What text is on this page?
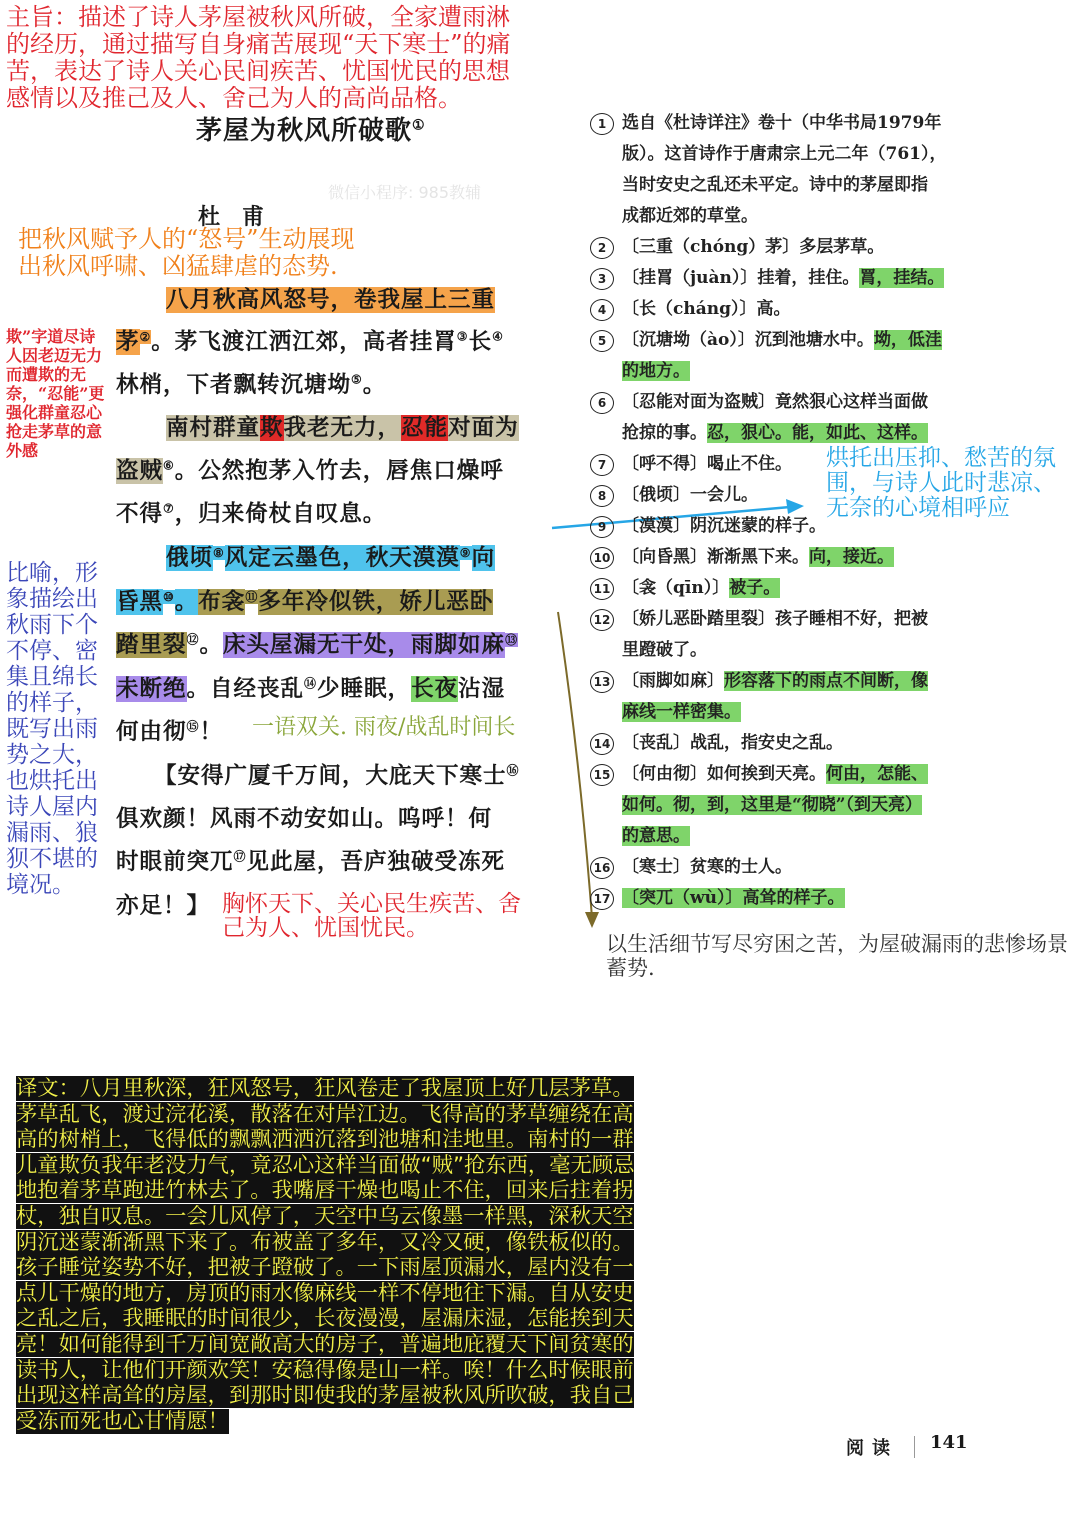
主旨：描述了诗人茅屋被秋风所破，全家遭雨淋的经历，通过描写自身痛苦展现“天下寒士”的痛苦，表达了诗人关心民间疾苦、忧国忧民的思想感情以及推己及人、舍己为人的高尚品格。
茅屋为秋风所破歌①
微信小程序: 985教辅
杜甫
把秋风赋予人的“怒号”生动展现出秋风呼啸、凶猛肆虐的态势.
欺”字道尽诗人因老迈无力而遭欺的无奈，“忍能”更强化群童忍心抢走茅草的意外感
比喻，形象描绘出秋雨下个不停、密集且绵长的样子，既写出雨势之大，也烘托出诗人屋内漏雨、狼狈不堪的境况。
八月秋高风怒号，卷我屋上三重
茅②。茅飞渡江洒江郊，高者挂罥③长④
林梢，下者飘转沉塘坳⑤。
南村群童欺我老无力，忍能对面为
盗贼⑥。公然抱茅入竹去，唇焦口燥呼
不得⑦，归来倚杖自叹息。
俄顷⑧风定云墨色，秋天漠漠⑨向
昏黑⑩。布衾⑪多年冷似铁，娇儿恶卧
踏里裂⑫。床头屋漏无干处，雨脚如麻⑬
未断绝。自经丧乱⑭少睡眠，长夜沾湿
何由彻⑮！
【安得广厦千万间，大庇天下寒士⑯
俱欢颜！风雨不动安如山。呜呼！何
时眼前突兀⑰见此屋，吾庐独破受冻死
亦足！】
一语双关. 雨夜/战乱时间长
胸怀天下、关心民生疾苦、舍己为人、忧国忧民。
1 选自《杜诗详注》卷十（中华书局1979年
版）。这首诗作于唐肃宗上元二年（761），
当时安史之乱还未平定。诗中的茅屋即指
成都近郊的草堂。
2 〔三重（chóng）茅〕多层茅草。
3 〔挂罥（juàn）〕挂着，挂住。罥，挂结。
4 〔长（cháng）〕高。
5 〔沉塘坳（ào）〕沉到池塘水中。坳，低洼
的地方。
6 〔忍能对面为盗贼〕竟然狠心这样当面做
抢掠的事。忍，狠心。能，如此、这样。
7 〔呼不得〕喝止不住。
8 〔俄顷〕一会儿。
9 〔漠漠〕阴沉迷蒙的样子。
10 〔向昏黑〕渐渐黑下来。向，接近。
11 〔衾（qīn）〕被子。
12 〔娇儿恶卧踏里裂〕孩子睡相不好，把被
里蹬破了。
13 〔雨脚如麻〕形容落下的雨点不间断，像
麻线一样密集。
14 〔丧乱〕战乱，指安史之乱。
15 〔何由彻〕如何挨到天亮。何由，怎能、
如何。彻，到，这里是“彻晓”（到天亮）
的意思。
16 〔寒士〕贫寒的士人。
17 〔突兀（wù）〕高耸的样子。
烘托出压抑、愁苦的氛围，与诗人此时悲凉、无奈的心境相呼应
以生活细节写尽穷困之苦，为屋破漏雨的悲惨场景蓄势.
译文：八月里秋深，狂风怒号，狂风卷走了我屋顶上好几层茅草。茅草乱飞，渡过浣花溪，散落在对岸江边。飞得高的茅草缠绕在高高的树梢上，飞得低的飘飘洒洒沉落到池塘和洼地里。南村的一群儿童欺负我年老没力气，竟忍心这样当面做“贼”抢东西，毫无顾忌地抱着茅草跑进竹林去了。我嘴唇干燥也喝止不住，回来后拄着拐杖，独自叹息。一会儿风停了，天空中乌云像墨一样黑，深秋天空阴沉迷蒙渐渐黑下来了。布被盖了多年，又冷又硬，像铁板似的。孩子睡觉姿势不好，把被子蹬破了。一下雨屋顶漏水，屋内没有一点儿干燥的地方，房顶的雨水像麻线一样不停地往下漏。自从安史之乱之后，我睡眠的时间很少，长夜漫漫，屋漏床湿，怎能挨到天亮！如何能得到千万间宽敞高大的房子，普遍地庇覆天下间贫寒的读书人，让他们开颜欢笑！安稳得像是山一样。唉！什么时候眼前出现这样高耸的房屋，到那时即使我的茅屋被秋风所吹破，我自己受冻而死也心甘情愿！
阅读 141
